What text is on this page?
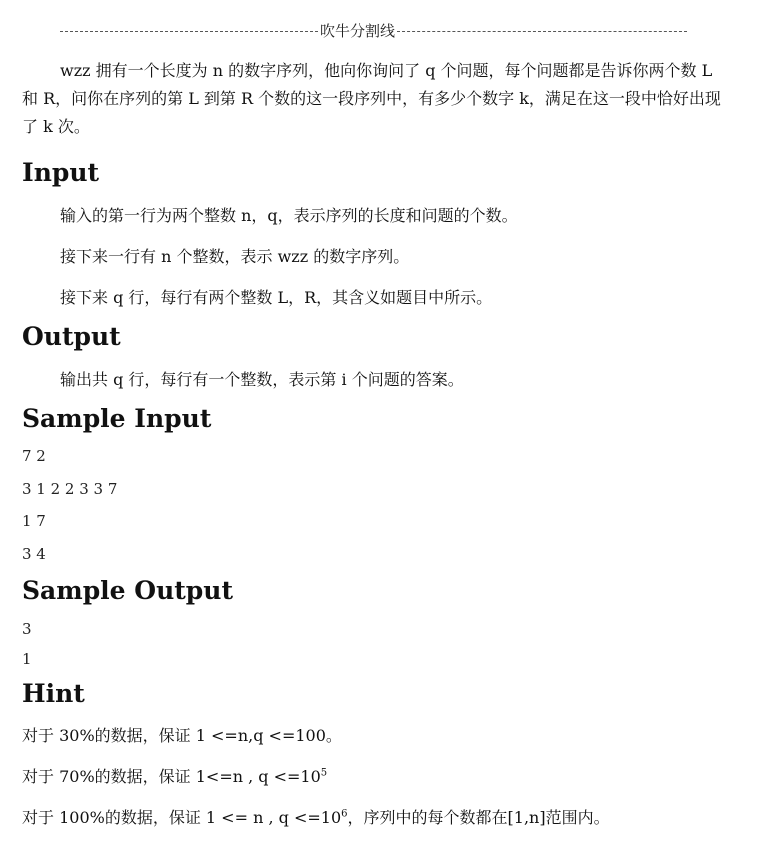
吹牛分割线
wzz 拥有一个长度为 n 的数字序列，他向你询问了 q 个问题，每个问题都是告诉你两个数 L 和 R，问你在序列的第 L 到第 R 个数的这一段序列中，有多少个数字 k，满足在这一段中恰好出现了 k 次。
Input
输入的第一行为两个整数 n，q，表示序列的长度和问题的个数。
接下来一行有 n 个整数，表示 wzz 的数字序列。
接下来 q 行，每行有两个整数 L，R，其含义如题目中所示。
Output
输出共 q 行，每行有一个整数，表示第 i 个问题的答案。
Sample Input
7 2
3 1 2 2 3 3 7
1 7
3 4
Sample Output
3
1
Hint
对于 30%的数据，保证 1 <=n,q <=100。
对于 70%的数据，保证 1<=n , $q <=10^5$
对于 100%的数据，保证 1 <= n , $q <=10^6$，序列中的每个数都在[1,n]范围内。
